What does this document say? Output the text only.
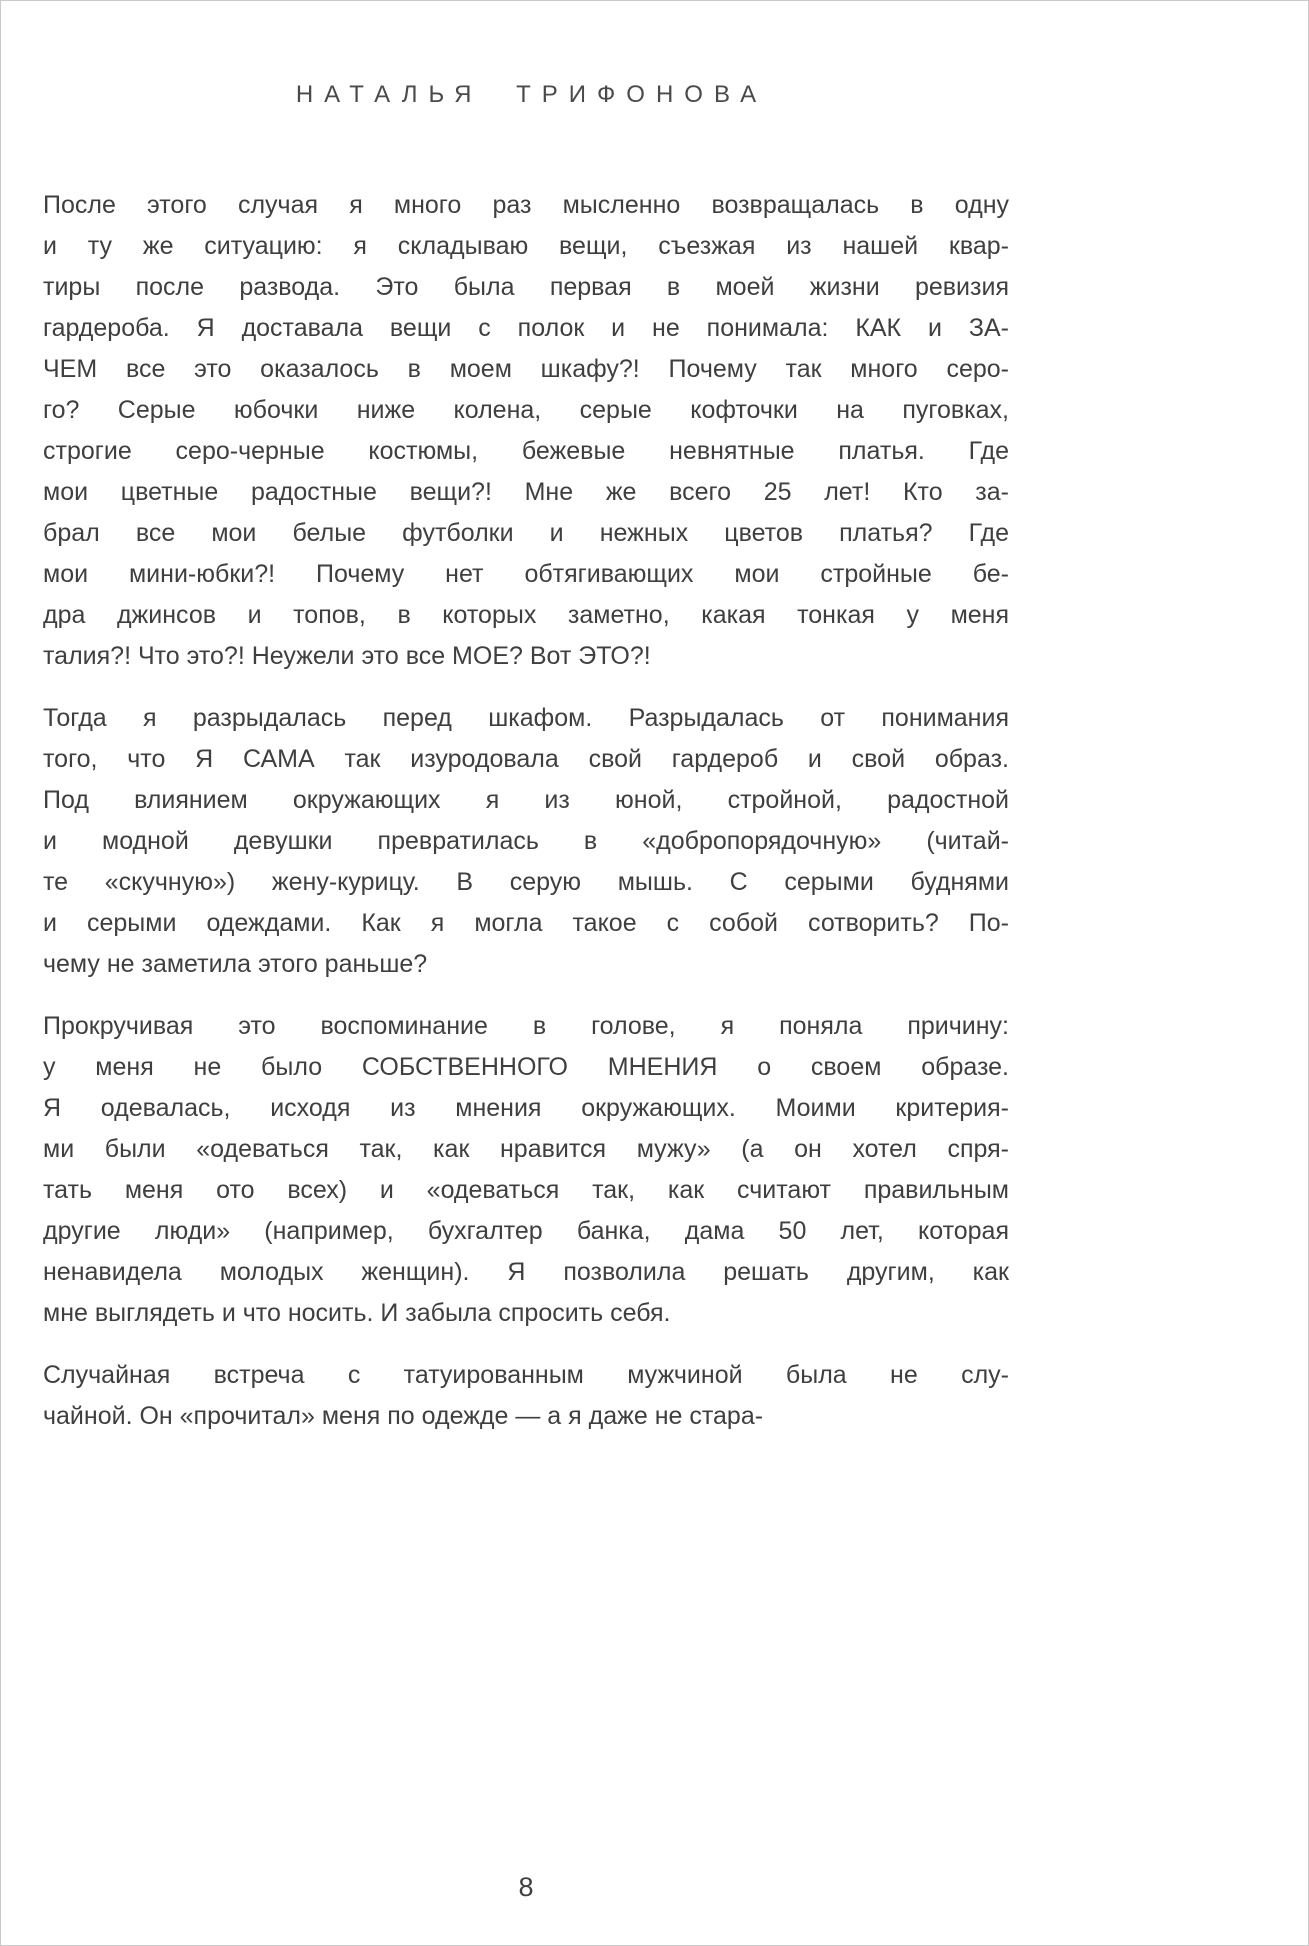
НАТАЛЬЯ ТРИФОНОВА
После этого случая я много раз мысленно возвращалась в одну
и ту же ситуацию: я складываю вещи, съезжая из нашей квар-
тиры после развода. Это была первая в моей жизни ревизия
гардероба. Я доставала вещи с полок и не понимала: КАК и ЗА-
ЧЕМ все это оказалось в моем шкафу?! Почему так много серо-
го? Серые юбочки ниже колена, серые кофточки на пуговках,
строгие серо-черные костюмы, бежевые невнятные платья. Где
мои цветные радостные вещи?! Мне же всего 25 лет! Кто за-
брал все мои белые футболки и нежных цветов платья? Где
мои мини-юбки?! Почему нет обтягивающих мои стройные бе-
дра джинсов и топов, в которых заметно, какая тонкая у меня
талия?! Что это?! Неужели это все МОЕ? Вот ЭТО?!
Тогда я разрыдалась перед шкафом. Разрыдалась от понимания
того, что Я САМА так изуродовала свой гардероб и свой образ.
Под влиянием окружающих я из юной, стройной, радостной
и модной девушки превратилась в «добропорядочную» (читай-
те «скучную») жену-курицу. В серую мышь. С серыми буднями
и серыми одеждами. Как я могла такое с собой сотворить? По-
чему не заметила этого раньше?
Прокручивая это воспоминание в голове, я поняла причину:
у меня не было СОБСТВЕННОГО МНЕНИЯ о своем образе.
Я одевалась, исходя из мнения окружающих. Моими критерия-
ми были «одеваться так, как нравится мужу» (а он хотел спря-
тать меня ото всех) и «одеваться так, как считают правильным
другие люди» (например, бухгалтер банка, дама 50 лет, которая
ненавидела молодых женщин). Я позволила решать другим, как
мне выглядеть и что носить. И забыла спросить себя.
Случайная встреча с татуированным мужчиной была не слу-
чайной. Он «прочитал» меня по одежде — а я даже не стара-
8
